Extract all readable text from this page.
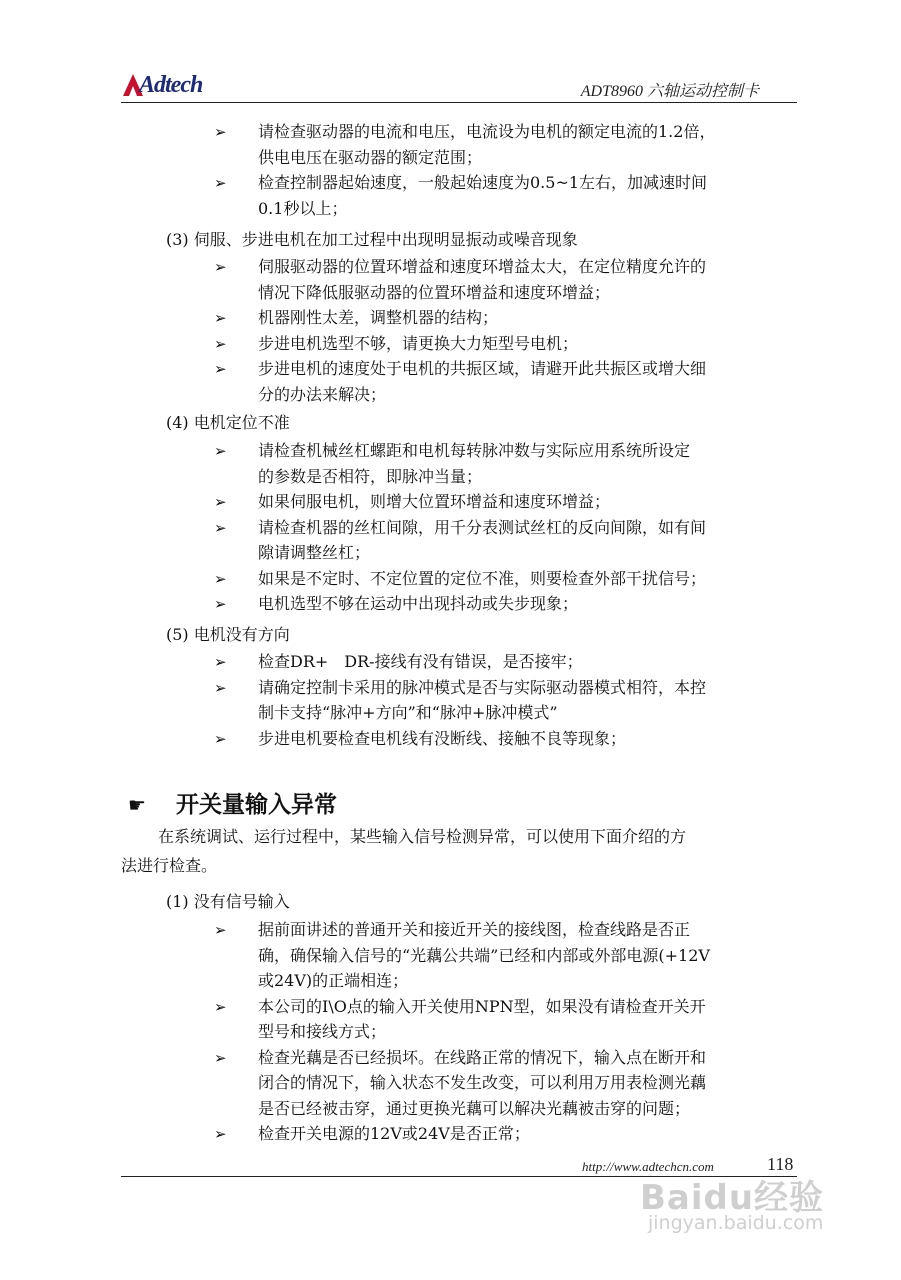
Adtech	ADT8960 六轴运动控制卡
➢ 请检查驱动器的电流和电压，电流设为电机的额定电流的1.2倍，
供电电压在驱动器的额定范围；
➢ 检查控制器起始速度，一般起始速度为0.5~1左右，加减速时间
0.1秒以上；
(3) 伺服、步进电机在加工过程中出现明显振动或噪音现象
➢ 伺服驱动器的位置环增益和速度环增益太大，在定位精度允许的
情况下降低服驱动器的位置环增益和速度环增益；
➢ 机器刚性太差，调整机器的结构；
➢ 步进电机选型不够，请更换大力矩型号电机；
➢ 步进电机的速度处于电机的共振区域，请避开此共振区或增大细
分的办法来解决；
(4) 电机定位不准
➢ 请检查机械丝杠螺距和电机每转脉冲数与实际应用系统所设定
的参数是否相符，即脉冲当量；
➢ 如果伺服电机，则增大位置环增益和速度环增益；
➢ 请检查机器的丝杠间隙，用千分表测试丝杠的反向间隙，如有间
隙请调整丝杠；
➢ 如果是不定时、不定位置的定位不准，则要检查外部干扰信号；
➢ 电机选型不够在运动中出现抖动或失步现象；
(5) 电机没有方向
➢ 检查DR+　DR-接线有没有错误，是否接牢；
➢ 请确定控制卡采用的脉冲模式是否与实际驱动器模式相符，本控
制卡支持“脉冲+方向”和“脉冲+脉冲模式”
➢ 步进电机要检查电机线有没断线、接触不良等现象；
☛ 开关量输入异常
在系统调试、运行过程中，某些输入信号检测异常，可以使用下面介绍的方
法进行检查。
(1) 没有信号输入
➢ 据前面讲述的普通开关和接近开关的接线图，检查线路是否正
确，确保输入信号的“光藕公共端”已经和内部或外部电源(+12V
或24V)的正端相连；
➢ 本公司的I\O点的输入开关使用NPN型，如果没有请检查开关开
型号和接线方式；
➢ 检查光藕是否已经损坏。在线路正常的情况下，输入点在断开和
闭合的情况下，输入状态不发生改变，可以利用万用表检测光藕
是否已经被击穿，通过更换光藕可以解决光藕被击穿的问题；
➢ 检查开关电源的12V或24V是否正常；
http://www.adtechcn.com	118
Baidu经验
jingyan.baidu.com
